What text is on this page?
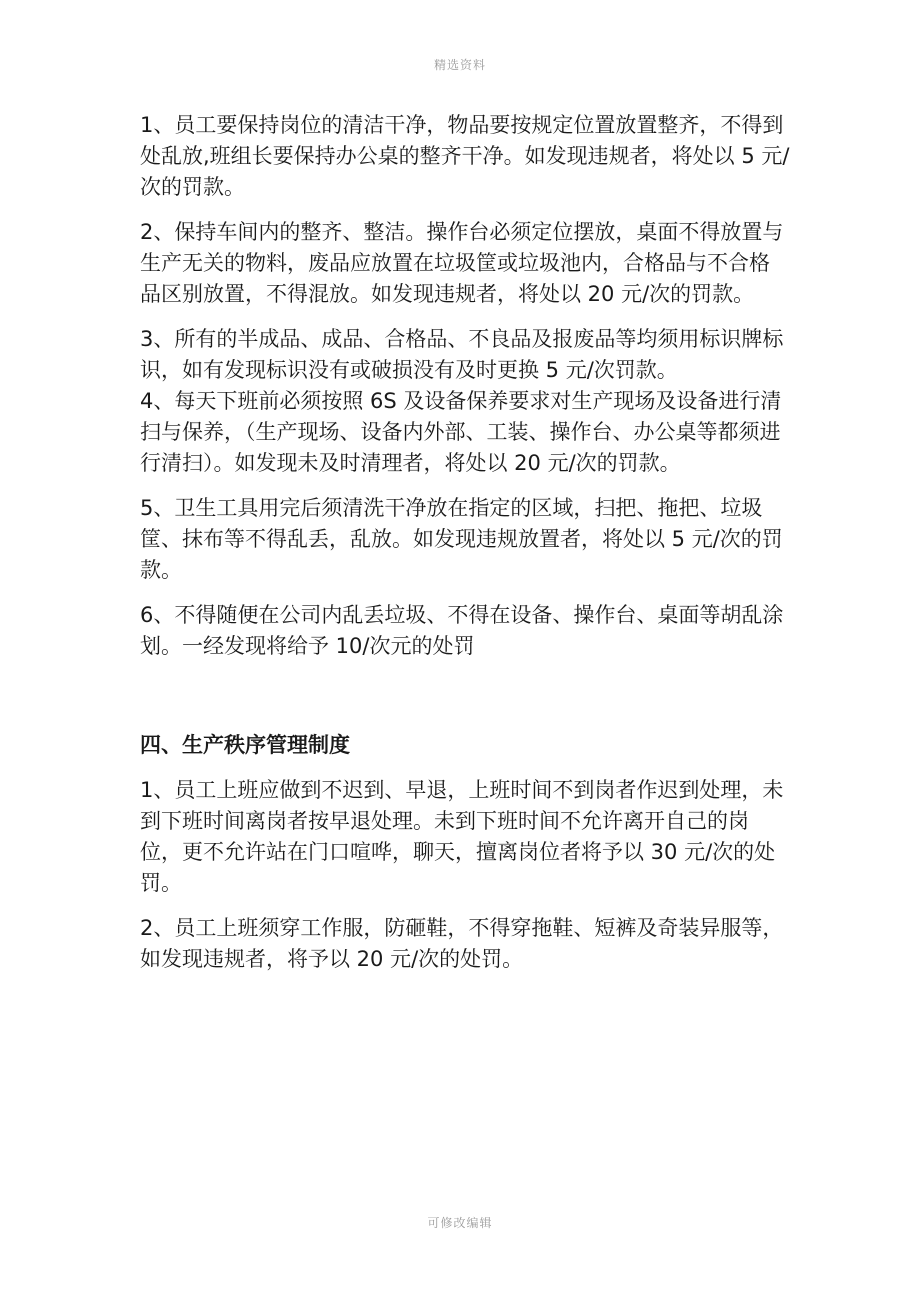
精选资料

1、员工要保持岗位的清洁干净，物品要按规定位置放置整齐，不得到处乱放,班组长要保持办公桌的整齐干净。如发现违规者，将处以 5 元/次的罚款。

2、保持车间内的整齐、整洁。操作台必须定位摆放，桌面不得放置与生产无关的物料，废品应放置在垃圾筐或垃圾池内，合格品与不合格品区别放置，不得混放。如发现违规者，将处以 20 元/次的罚款。

3、所有的半成品、成品、合格品、不良品及报废品等均须用标识牌标识，如有发现标识没有或破损没有及时更换 5 元/次罚款。

4、每天下班前必须按照 6S 及设备保养要求对生产现场及设备进行清扫与保养，（生产现场、设备内外部、工装、操作台、办公桌等都须进行清扫）。如发现未及时清理者，将处以 20 元/次的罚款。

5、卫生工具用完后须清洗干净放在指定的区域，扫把、拖把、垃圾筐、抹布等不得乱丢，乱放。如发现违规放置者，将处以 5 元/次的罚款。

6、不得随便在公司内乱丢垃圾、不得在设备、操作台、桌面等胡乱涂划。一经发现将给予 10/次元的处罚

四、生产秩序管理制度

1、员工上班应做到不迟到、早退，上班时间不到岗者作迟到处理，未到下班时间离岗者按早退处理。未到下班时间不允许离开自己的岗位，更不允许站在门口喧哗，聊天，擅离岗位者将予以 30 元/次的处罚。

2、员工上班须穿工作服，防砸鞋，不得穿拖鞋、短裤及奇装异服等，如发现违规者，将予以 20 元/次的处罚。

可修改编辑
